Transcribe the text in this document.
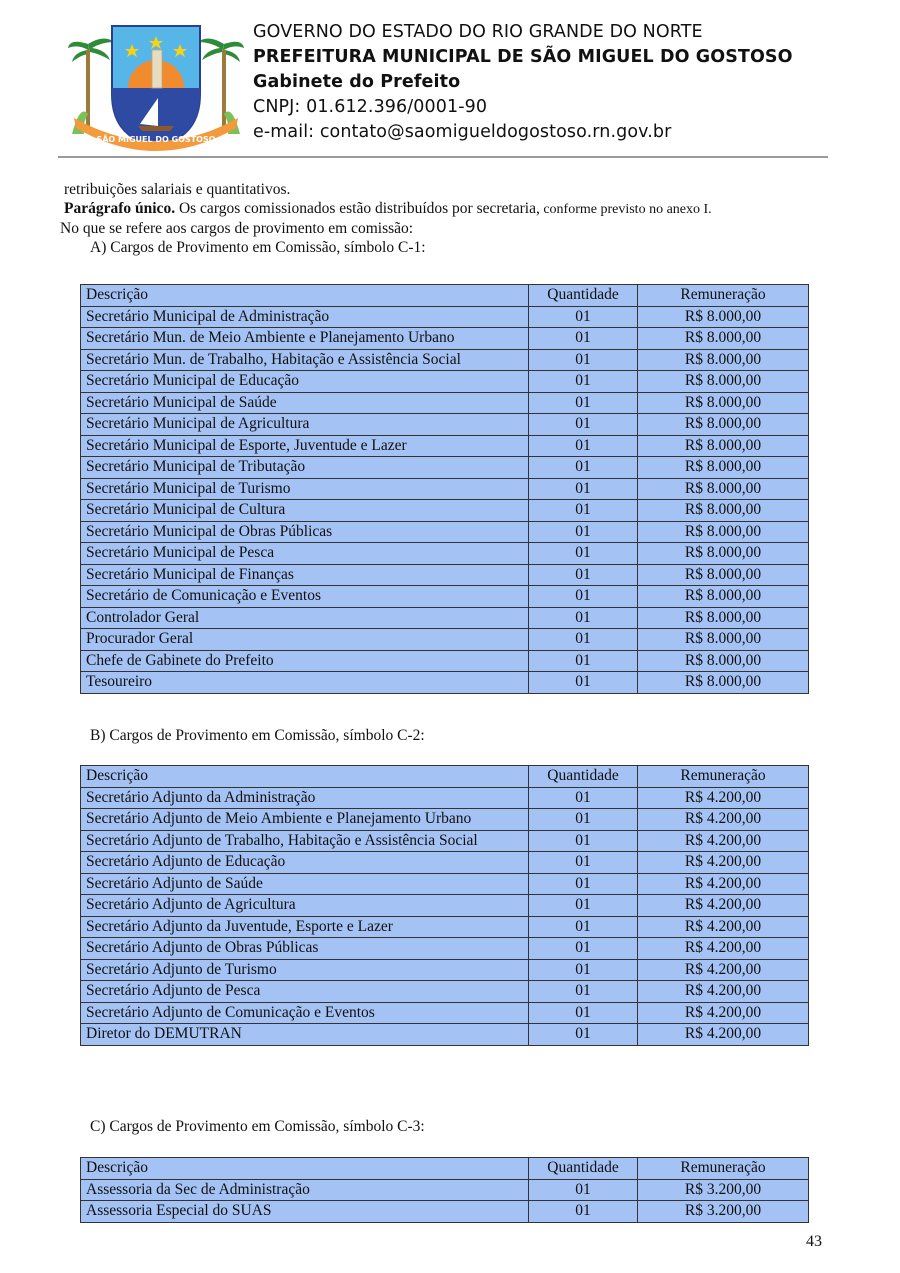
SÃO MIGUEL DO GOSTOSO
GOVERNO DO ESTADO DO RIO GRANDE DO NORTE
PREFEITURA MUNICIPAL DE SÃO MIGUEL DO GOSTOSO
Gabinete do Prefeito
CNPJ: 01.612.396/0001-90
e-mail: contato@saomigueldogostoso.rn.gov.br
retribuições salariais e quantitativos.
Parágrafo único. Os cargos comissionados estão distribuídos por secretaria, conforme previsto no anexo I.
No que se refere aos cargos de provimento em comissão:
A) Cargos de Provimento em Comissão, símbolo C-1:
Descrição	Quantidade	Remuneração
Secretário Municipal de Administração	01	R$ 8.000,00
Secretário Mun. de Meio Ambiente e Planejamento Urbano	01	R$ 8.000,00
Secretário Mun. de Trabalho, Habitação e Assistência Social	01	R$ 8.000,00
Secretário Municipal de Educação	01	R$ 8.000,00
Secretário Municipal de Saúde	01	R$ 8.000,00
Secretário Municipal de Agricultura	01	R$ 8.000,00
Secretário Municipal de Esporte, Juventude e Lazer	01	R$ 8.000,00
Secretário Municipal de Tributação	01	R$ 8.000,00
Secretário Municipal de Turismo	01	R$ 8.000,00
Secretário Municipal de Cultura	01	R$ 8.000,00
Secretário Municipal de Obras Públicas	01	R$ 8.000,00
Secretário Municipal de Pesca	01	R$ 8.000,00
Secretário Municipal de Finanças	01	R$ 8.000,00
Secretário de Comunicação e Eventos	01	R$ 8.000,00
Controlador Geral	01	R$ 8.000,00
Procurador Geral	01	R$ 8.000,00
Chefe de Gabinete do Prefeito	01	R$ 8.000,00
Tesoureiro	01	R$ 8.000,00
B) Cargos de Provimento em Comissão, símbolo C-2:
Descrição	Quantidade	Remuneração
Secretário Adjunto da Administração	01	R$ 4.200,00
Secretário Adjunto de Meio Ambiente e Planejamento Urbano	01	R$ 4.200,00
Secretário Adjunto de Trabalho, Habitação e Assistência Social	01	R$ 4.200,00
Secretário Adjunto de Educação	01	R$ 4.200,00
Secretário Adjunto de Saúde	01	R$ 4.200,00
Secretário Adjunto de Agricultura	01	R$ 4.200,00
Secretário Adjunto da Juventude, Esporte e Lazer	01	R$ 4.200,00
Secretário Adjunto de Obras Públicas	01	R$ 4.200,00
Secretário Adjunto de Turismo	01	R$ 4.200,00
Secretário Adjunto de Pesca	01	R$ 4.200,00
Secretário Adjunto de Comunicação e Eventos	01	R$ 4.200,00
Diretor do DEMUTRAN	01	R$ 4.200,00
C) Cargos de Provimento em Comissão, símbolo C-3:
Descrição	Quantidade	Remuneração
Assessoria da Sec de Administração	01	R$ 3.200,00
Assessoria Especial do SUAS	01	R$ 3.200,00
43
